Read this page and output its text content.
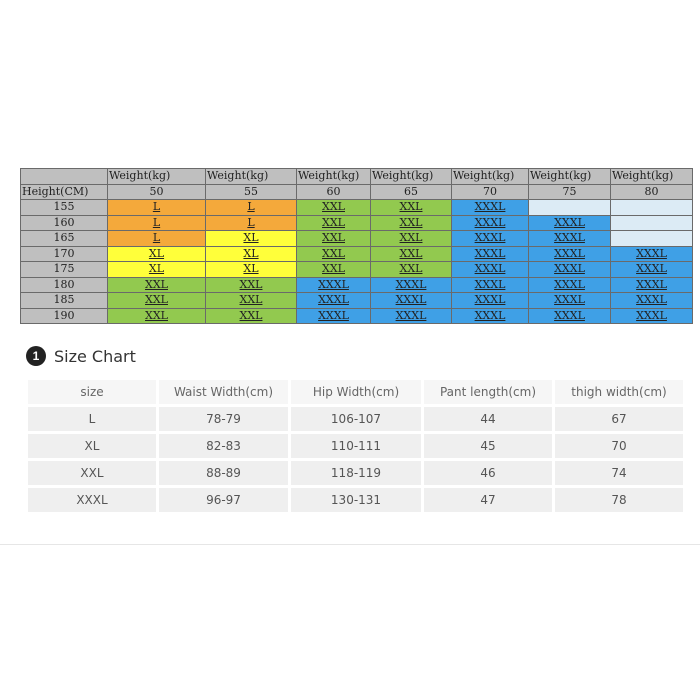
	Weight(kg)	Weight(kg)	Weight(kg)	Weight(kg)	Weight(kg)	Weight(kg)	Weight(kg)
Height(CM)	50	55	60	65	70	75	80
155	L	L	XXL	XXL	XXXL		
160	L	L	XXL	XXL	XXXL	XXXL	
165	L	XL	XXL	XXL	XXXL	XXXL	
170	XL	XL	XXL	XXL	XXXL	XXXL	XXXL
175	XL	XL	XXL	XXL	XXXL	XXXL	XXXL
180	XXL	XXL	XXXL	XXXL	XXXL	XXXL	XXXL
185	XXL	XXL	XXXL	XXXL	XXXL	XXXL	XXXL
190	XXL	XXL	XXXL	XXXL	XXXL	XXXL	XXXL
1 Size Chart
size	Waist Width(cm)	Hip Width(cm)	Pant length(cm)	thigh width(cm)
L	78-79	106-107	44	67
XL	82-83	110-111	45	70
XXL	88-89	118-119	46	74
XXXL	96-97	130-131	47	78
